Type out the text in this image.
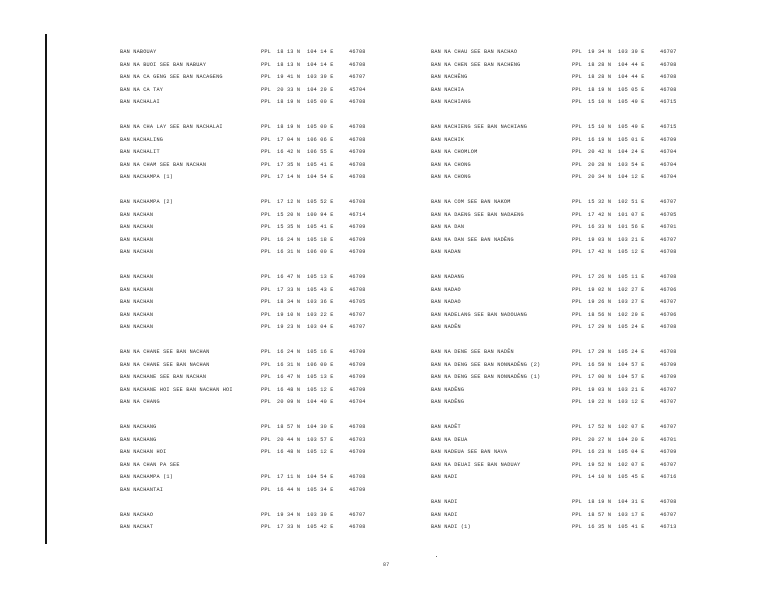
BAN NABOUAY	PPL 18 13 N 104 14 E	46708
BAN NA BUOI SEE BAN NABUAY	PPL 18 13 N 104 14 E	46708
BAN NA CA GENG SEE BAN NACAGENG	PPL 19 41 N 103 39 E	46707
BAN NA CA TAY	PPL 20 33 N 104 29 E	45704
BAN NACHALAI	PPL 18 19 N 105 00 E	46708
BAN NA CHA LAY SEE BAN NACHALAI	PPL 18 19 N 105 00 E	46708
BAN NACHALING	PPL 17 04 N 106 06 E	46708
BAN NACHALIT	PPL 16 42 N 106 55 E	46709
BAN NA CHAM SEE BAN NACHAN	PPL 17 35 N 105 41 E	46708
BAN NACHAMPA (1)	PPL 17 14 N 104 54 E	46708
BAN NACHAMPA (2)	PPL 17 12 N 105 52 E	46708
BAN NACHAN	PPL 15 20 N 100 94 E	46714
BAN NACHAN	PPL 15 35 N 105 41 E	46709
BAN NACHAN	PPL 16 24 N 105 18 E	46709
BAN NACHAN	PPL 16 31 N 106 00 E	46709
BAN NACHAN	PPL 16 47 N 105 13 E	46709
BAN NACHAN	PPL 17 33 N 105 43 E	46708
BAN NACHAN	PPL 18 34 N 103 36 E	46705
BAN NACHAN	PPL 19 10 N 103 22 E	46707
BAN NACHAN	PPL 19 23 N 103 04 E	46707
BAN NA CHANE SEE BAN NACHAN	PPL 16 24 N 105 16 E	46709
BAN NA CHANE SEE BAN NACHAN	PPL 16 31 N 106 00 E	46709
BAN NACHANE SEE BAN NACHAN	PPL 16 47 N 105 13 E	46709
BAN NACHANE HOI SEE BAN NACHAN HOI	PPL 16 48 N 105 12 E	46709
BAN NA CHANG	PPL 20 09 N 104 40 E	46704
BAN NACHANG	PPL 18 57 N 104 30 E	46708
BAN NACHANG	PPL 20 44 N 103 57 E	46703
BAN NACHAN HOI	PPL 16 48 N 105 12 E	46709
BAN NA CHAN PA SEE
BAN NACHAMPA (1)	PPL 17 11 N 104 54 E	46708
BAN NACHANTAI	PPL 16 44 N 105 34 E	46709
BAN NACHAO	PPL 19 34 N 103 39 E	46707
BAN NACHAT	PPL 17 33 N 105 42 E	46708
BAN NA CHAU SEE BAN NACHAO	PPL 19 34 N 103 39 E	46707
BAN NA CHEN SEE BAN NACHENG	PPL 18 28 N 104 44 E	46708
BAN NACHĚNG	PPL 18 28 N 104 44 E	46708
BAN NACHIA	PPL 18 19 N 105 05 E	46708
BAN NACHIANG	PPL 15 10 N 105 49 E	46715
BAN NACHIENG SEE BAN NACHIANG	PPL 15 10 N 105 49 E	46715
BAN NACHIK	PPL 16 19 N 105 01 E	46709
BAN NA CHOMLOM	PPL 20 42 N 104 24 E	46704
BAN NA CHONG	PPL 20 28 N 103 54 E	46704
BAN NA CHONG	PPL 20 34 N 104 12 E	46704
BAN NA COM SEE BAN NAKOM	PPL 15 32 N 102 51 E	46707
BAN NA DAENG SEE BAN NADAENG	PPL 17 42 N 101 07 E	46705
BAN NA DAN	PPL 16 33 N 101 56 E	46701
BAN NA DAN SEE BAN NADĚNG	PPL 19 03 N 103 21 E	46707
BAN NADAN	PPL 17 42 N 105 12 E	46708
BAN NADANG	PPL 17 26 N 105 11 E	46708
BAN NADAO	PPL 19 02 N 102 27 E	46706
BAN NADAO	PPL 19 26 N 103 27 E	46707
BAN NADELANG SEE BAN NADOUANG	PPL 18 56 N 102 29 E	46706
BAN NADĚN	PPL 17 29 N 105 24 E	46708
BAN NA DENE SEE BAN NADĚN	PPL 17 29 N 105 24 E	46708
BAN NA DENG SEE BAN NONNADĚNG (2)	PPL 16 59 N 104 57 E	46709
BAN NA DENG SEE BAN NONNADĚNG (1)	PPL 17 00 N 104 57 E	46709
BAN NADĚNG	PPL 19 03 N 103 21 E	46707
BAN NADĚNG	PPL 19 22 N 103 12 E	46707
BAN NADĚT	PPL 17 52 N 102 07 E	46707
BAN NA DEUA	PPL 20 27 N 104 20 E	46701
BAN NADEUA SEE BAN NAVA	PPL 16 23 N 105 04 E	46709
BAN NA DEUAI SEE BAN NADUAY	PPL 19 52 N 102 07 E	46707
BAN NADI	PPL 14 10 N 105 45 E	46716
BAN NADI	PPL 18 19 N 104 31 E	46708
BAN NADI	PPL 18 57 N 103 17 E	46707
BAN NADI (1)	PPL 16 35 N 105 41 E	46713
87
